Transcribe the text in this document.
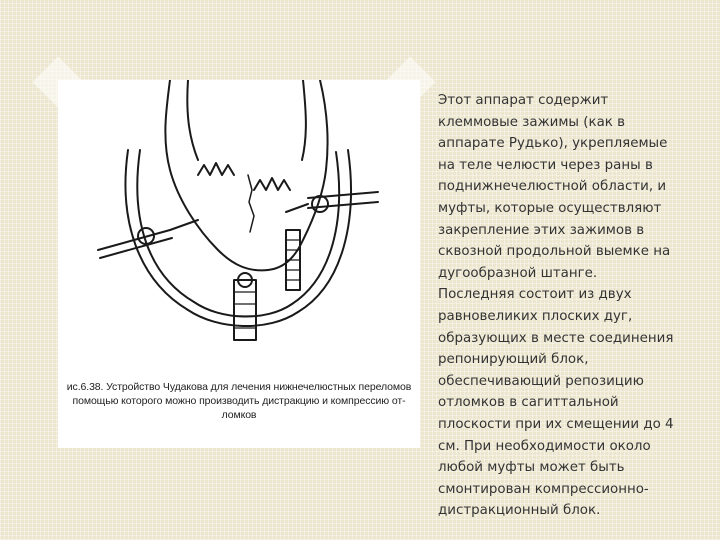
ис.6.38. Устройство Чудакова для лечения нижнечелюстных переломов
помощью которого можно производить дистракцию и компрессию от-
ломков
Этот аппарат содержит
клеммовые зажимы (как в
аппарате Рудько), укрепляемые
на теле челюсти через раны в
поднижнечелюстной области, и
муфты, которые осуществляют
закрепление этих зажимов в
сквозной продольной выемке на
дугообразной штанге.
Последняя состоит из двух
равновеликих плоских дуг,
образующих в месте соединения
репонирующий блок,
обеспечивающий репозицию
отломков в сагиттальной
плоскости при их смещении до 4
см. При необходимости около
любой муфты может быть
смонтирован компрессионно-
дистракционный блок.
